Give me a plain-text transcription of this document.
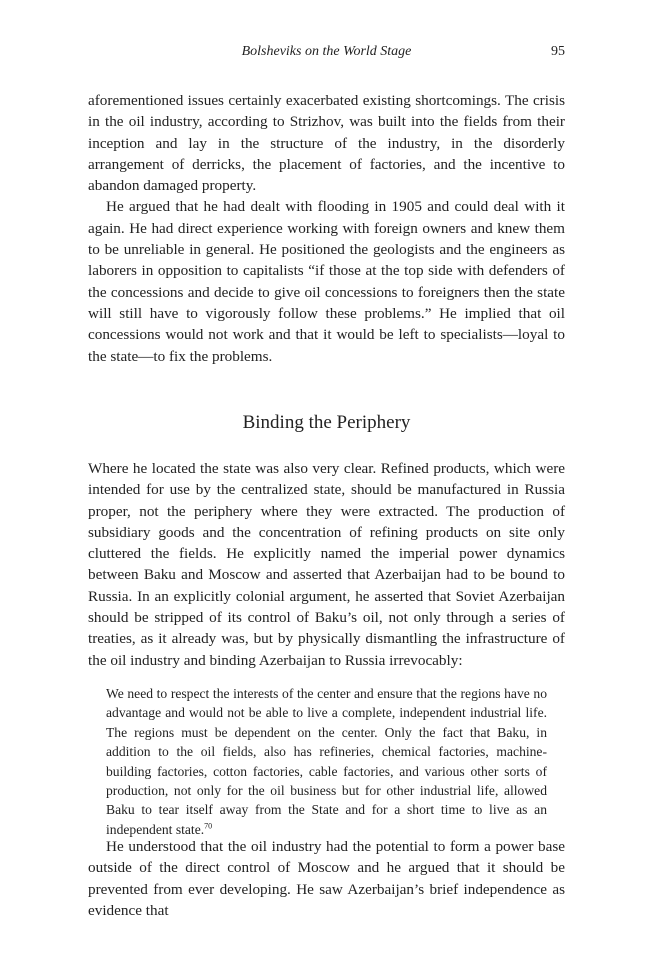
Bolsheviks on the World Stage	95

aforementioned issues certainly exacerbated existing shortcomings. The crisis in the oil industry, according to Strizhov, was built into the fields from their inception and lay in the structure of the industry, in the disorderly arrangement of derricks, the placement of factories, and the incentive to abandon damaged property.

He argued that he had dealt with flooding in 1905 and could deal with it again. He had direct experience working with foreign owners and knew them to be unreliable in general. He positioned the geologists and the engineers as laborers in opposition to capitalists “if those at the top side with defenders of the concessions and decide to give oil concessions to foreigners then the state will still have to vigorously follow these problems.” He implied that oil concessions would not work and that it would be left to specialists—loyal to the state—to fix the problems.

Binding the Periphery

Where he located the state was also very clear. Refined products, which were intended for use by the centralized state, should be manufactured in Russia proper, not the periphery where they were extracted. The production of subsidiary goods and the concentration of refining products on site only cluttered the fields. He explicitly named the imperial power dynamics between Baku and Moscow and asserted that Azerbaijan had to be bound to Russia. In an explicitly colonial argument, he asserted that Soviet Azerbaijan should be stripped of its control of Baku’s oil, not only through a series of treaties, as it already was, but by physically dismantling the infrastructure of the oil industry and binding Azerbaijan to Russia irrevocably:

We need to respect the interests of the center and ensure that the regions have no advantage and would not be able to live a complete, independent industrial life. The regions must be dependent on the center. Only the fact that Baku, in addition to the oil fields, also has refineries, chemical factories, machine-building factories, cotton factories, cable factories, and various other sorts of production, not only for the oil business but for other industrial life, allowed Baku to tear itself away from the State and for a short time to live as an independent state.$^{70}$

He understood that the oil industry had the potential to form a power base outside of the direct control of Moscow and he argued that it should be prevented from ever developing. He saw Azerbaijan’s brief independence as evidence that
